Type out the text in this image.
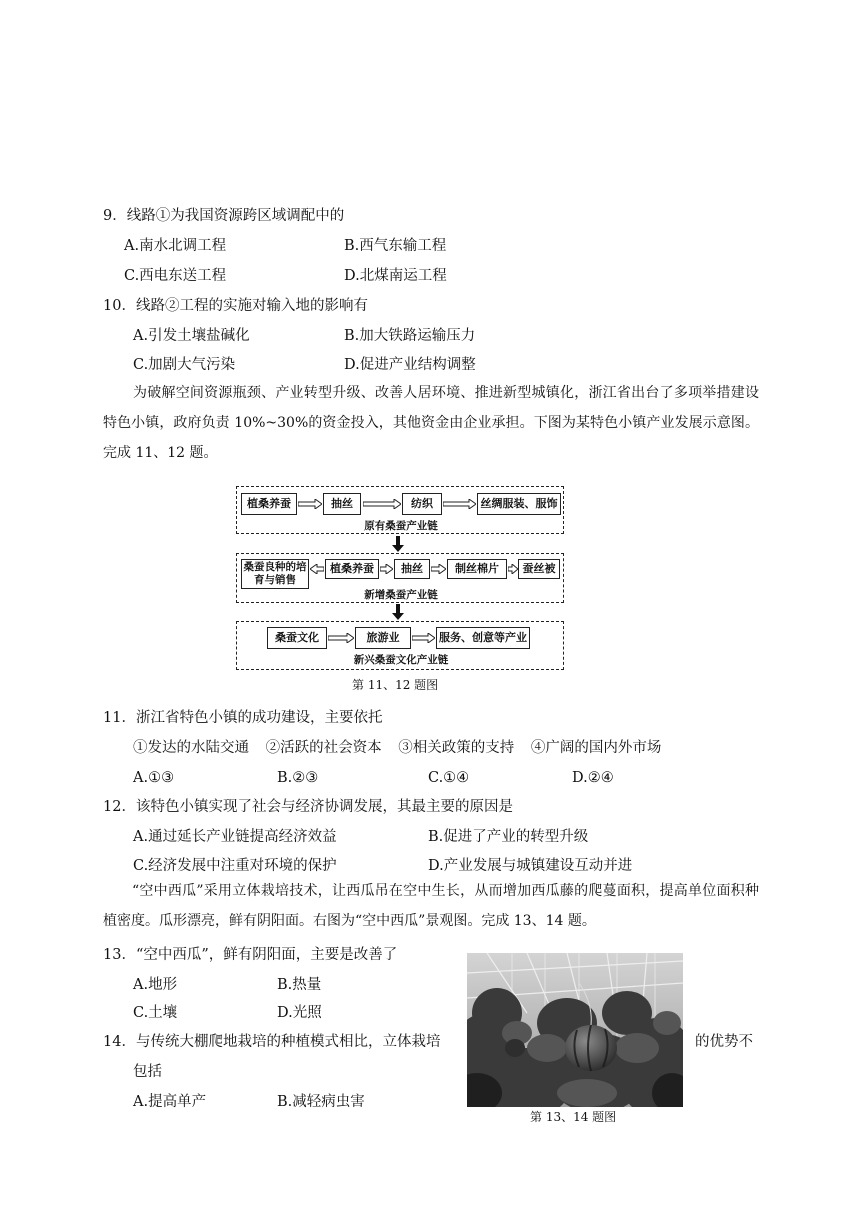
9．线路①为我国资源跨区域调配中的
A.南水北调工程	B.西气东输工程
C.西电东送工程	D.北煤南运工程
10．线路②工程的实施对输入地的影响有
A.引发土壤盐碱化	B.加大铁路运输压力
C.加剧大气污染	D.促进产业结构调整
为破解空间资源瓶颈、产业转型升级、改善人居环境、推进新型城镇化，浙江省出台了多项举措建设特色小镇，政府负责 10%~30%的资金投入，其他资金由企业承担。下图为某特色小镇产业发展示意图。完成 11、12 题。
植桑养蚕	抽丝	纺织	丝绸服装、服饰
原有桑蚕产业链
桑蚕良种的培育与销售
植桑养蚕	抽丝	制丝棉片	蚕丝被
新增桑蚕产业链
桑蚕文化	旅游业	服务、创意等产业
新兴桑蚕文化产业链
第 11、12 题图
11．浙江省特色小镇的成功建设，主要依托
①发达的水陆交通 ②活跃的社会资本 ③相关政策的支持 ④广阔的国内外市场
A.①③	B.②③	C.①④	D.②④
12．该特色小镇实现了社会与经济协调发展，其最主要的原因是
A.通过延长产业链提高经济效益	B.促进了产业的转型升级
C.经济发展中注重对环境的保护	D.产业发展与城镇建设互动并进
“空中西瓜”采用立体栽培技术，让西瓜吊在空中生长，从而增加西瓜藤的爬蔓面积，提高单位面积种植密度。瓜形漂亮，鲜有阴阳面。右图为“空中西瓜”景观图。完成 13、14 题。
13．“空中西瓜”，鲜有阴阳面，主要是改善了
A.地形	B.热量
C.土壤	D.光照
14．与传统大棚爬地栽培的种植模式相比，立体栽培	的优势不
包括
A.提高单产	B.减轻病虫害
第 13、14 题图
